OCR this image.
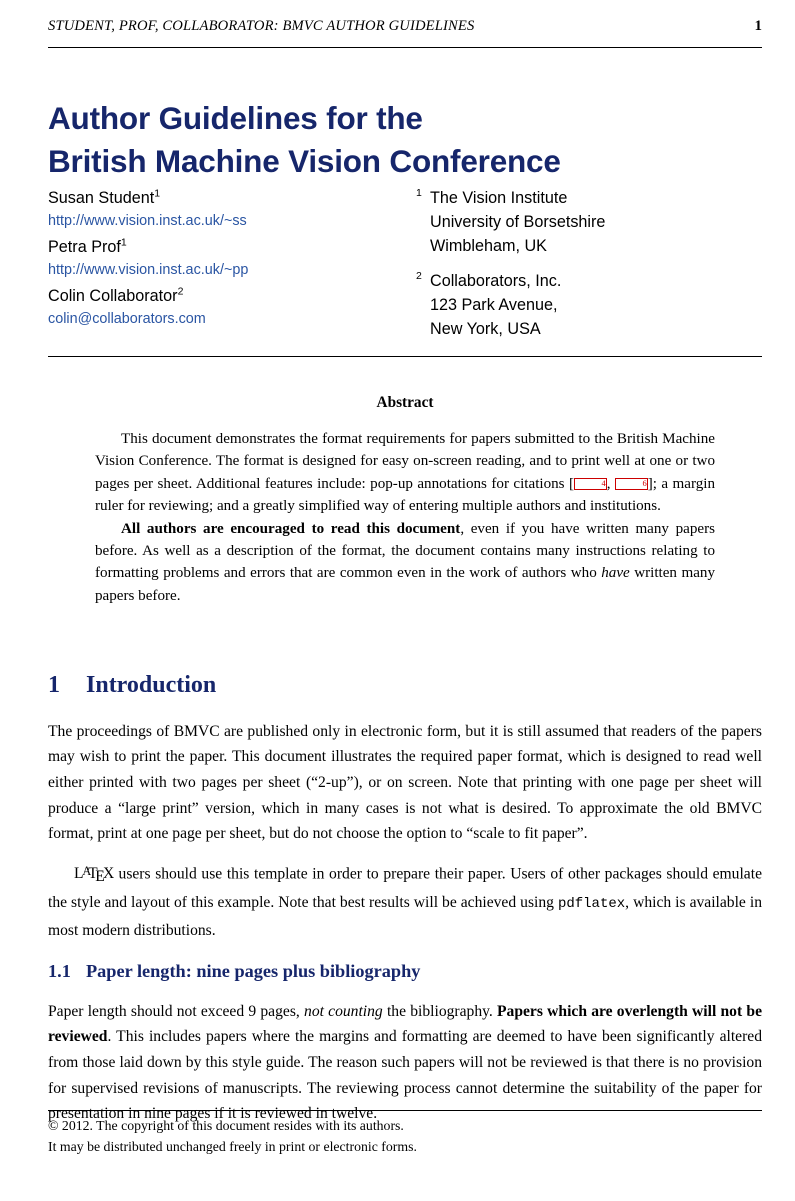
STUDENT, PROF, COLLABORATOR: BMVC AUTHOR GUIDELINES	1
Author Guidelines for the
British Machine Vision Conference
Susan Student$^1$
http://www.vision.inst.ac.uk/~ss
Petra Prof$^1$
http://www.vision.inst.ac.uk/~pp
Colin Collaborator$^2$
colin@collaborators.com
1 The Vision Institute
University of Borsetshire
Wimbleham, UK
2 Collaborators, Inc.
123 Park Avenue,
New York, USA
Abstract

This document demonstrates the format requirements for papers submitted to the British Machine Vision Conference. The format is designed for easy on-screen reading, and to print well at one or two pages per sheet. Additional features include: pop-up annotations for citations [	4,	6]; a margin ruler for reviewing; and a greatly simplified way of entering multiple authors and institutions.

All authors are encouraged to read this document, even if you have written many papers before. As well as a description of the format, the document contains many instructions relating to formatting problems and errors that are common even in the work of authors who have written many papers before.

1 Introduction

The proceedings of BMVC are published only in electronic form, but it is still assumed that readers of the papers may wish to print the paper. This document illustrates the required paper format, which is designed to read well either printed with two pages per sheet (“2-up”), or on screen. Note that printing with one page per sheet will produce a “large print” version, which in many cases is not what is desired. To approximate the old BMVC format, print at one page per sheet, but do not choose the option to “scale to fit paper”.

$L^ATEX$ users should use this template in order to prepare their paper. Users of other packages should emulate the style and layout of this example. Note that best results will be achieved using pdflatex, which is available in most modern distributions.

1.1 Paper length: nine pages plus bibliography

Paper length should not exceed 9 pages, not counting the bibliography. Papers which are overlength will not be reviewed. This includes papers where the margins and formatting are deemed to have been significantly altered from those laid down by this style guide. The reason such papers will not be reviewed is that there is no provision for supervised revisions of manuscripts. The reviewing process cannot determine the suitability of the paper for presentation in nine pages if it is reviewed in twelve.

© 2012. The copyright of this document resides with its authors.
It may be distributed unchanged freely in print or electronic forms.
